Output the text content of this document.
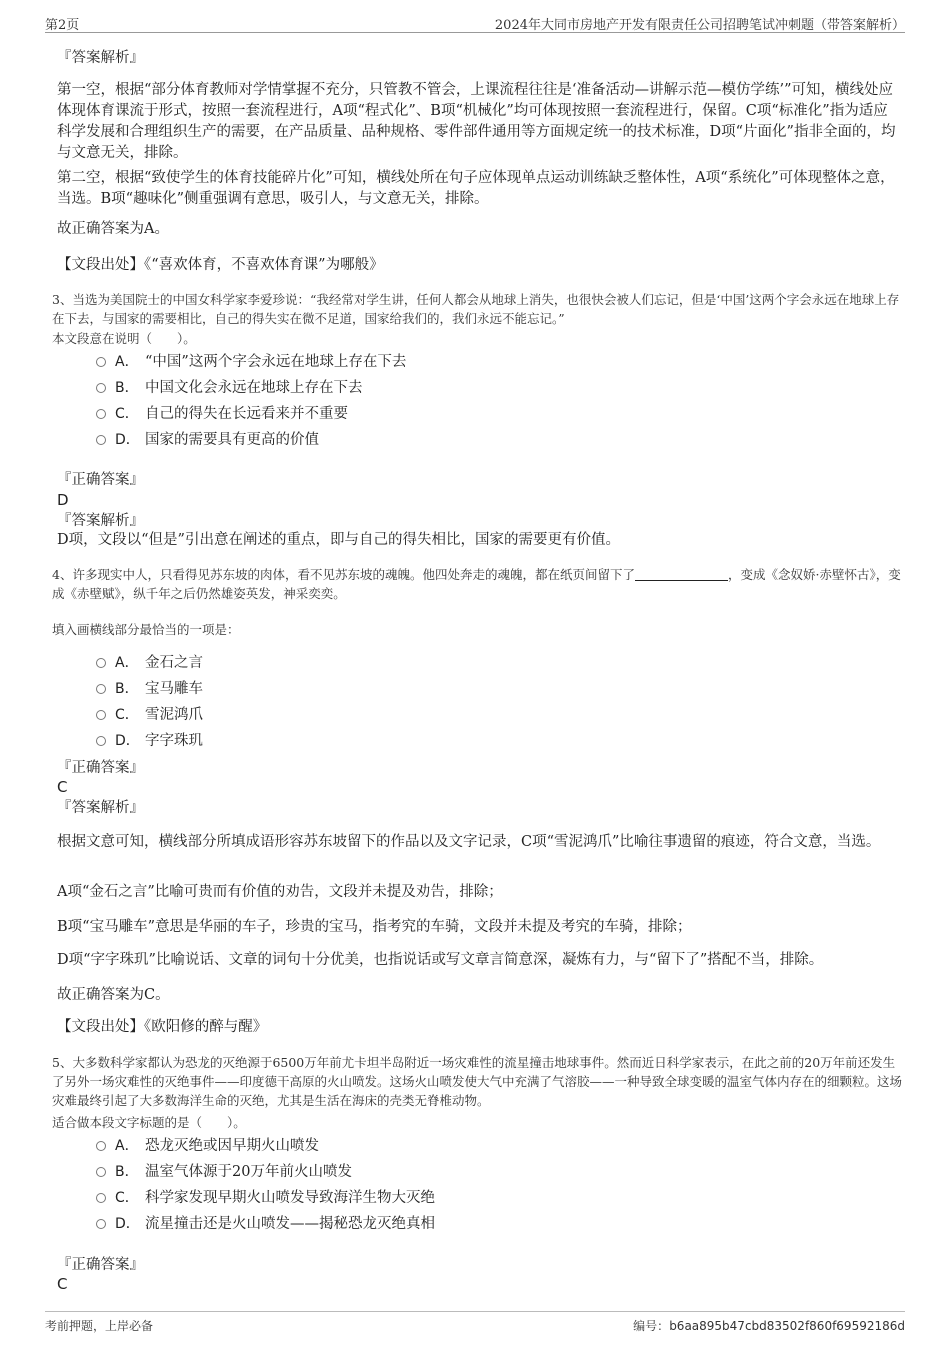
第2页	2024年大同市房地产开发有限责任公司招聘笔试冲刺题（带答案解析）

『答案解析』

第一空，根据“部分体育教师对学情掌握不充分，只管教不管会，上课流程往往是‘准备活动—讲解示范—模仿学练’”可知，横线处应体现体育课流于形式，按照一套流程进行，A项“程式化”、B项“机械化”均可体现按照一套流程进行，保留。C项“标准化”指为适应科学发展和合理组织生产的需要，在产品质量、品种规格、零件部件通用等方面规定统一的技术标准，D项“片面化”指非全面的，均与文意无关，排除。

第二空，根据“致使学生的体育技能碎片化”可知，横线处所在句子应体现单点运动训练缺乏整体性，A项“系统化”可体现整体之意，当选。B项“趣味化”侧重强调有意思，吸引人，与文意无关，排除。

故正确答案为A。

【文段出处】《“喜欢体育，不喜欢体育课”为哪般》

3、当选为美国院士的中国女科学家李爱珍说：“我经常对学生讲，任何人都会从地球上消失，也很快会被人们忘记，但是‘中国’这两个字会永远在地球上存在下去，与国家的需要相比，自己的得失实在微不足道，国家给我们的，我们永远不能忘记。”

本文段意在说明（　　）。

A． “中国”这两个字会永远在地球上存在下去
B． 中国文化会永远在地球上存在下去
C． 自己的得失在长远看来并不重要
D． 国家的需要具有更高的价值

『正确答案』

D

『答案解析』

D项，文段以“但是”引出意在阐述的重点，即与自己的得失相比，国家的需要更有价值。

4、许多现实中人，只看得见苏东坡的肉体，看不见苏东坡的魂魄。他四处奔走的魂魄，都在纸页间留下了	，变成《念奴娇·赤壁怀古》，变成《赤壁赋》，纵千年之后仍然雄姿英发，神采奕奕。

填入画横线部分最恰当的一项是：

A． 金石之言
B． 宝马雕车
C． 雪泥鸿爪
D． 字字珠玑

『正确答案』

C

『答案解析』

根据文意可知，横线部分所填成语形容苏东坡留下的作品以及文字记录，C项“雪泥鸿爪”比喻往事遗留的痕迹，符合文意，当选。

A项“金石之言”比喻可贵而有价值的劝告，文段并未提及劝告，排除；

B项“宝马雕车”意思是华丽的车子，珍贵的宝马，指考究的车骑，文段并未提及考究的车骑，排除；

D项“字字珠玑”比喻说话、文章的词句十分优美，也指说话或写文章言简意深，凝炼有力，与“留下了”搭配不当，排除。

故正确答案为C。

【文段出处】《欧阳修的醉与醒》

5、大多数科学家都认为恐龙的灭绝源于6500万年前尤卡坦半岛附近一场灾难性的流星撞击地球事件。然而近日科学家表示，在此之前的20万年前还发生了另外一场灾难性的灭绝事件——印度德干高原的火山喷发。这场火山喷发使大气中充满了气溶胶——一种导致全球变暖的温室气体内存在的细颗粒。这场灾难最终引起了大多数海洋生命的灭绝，尤其是生活在海床的壳类无脊椎动物。

适合做本段文字标题的是（　　）。

A． 恐龙灭绝或因早期火山喷发
B． 温室气体源于20万年前火山喷发
C． 科学家发现早期火山喷发导致海洋生物大灭绝
D． 流星撞击还是火山喷发——揭秘恐龙灭绝真相

『正确答案』

C

考前押题，上岸必备	编号：b6aa895b47cbd83502f860f69592186d
